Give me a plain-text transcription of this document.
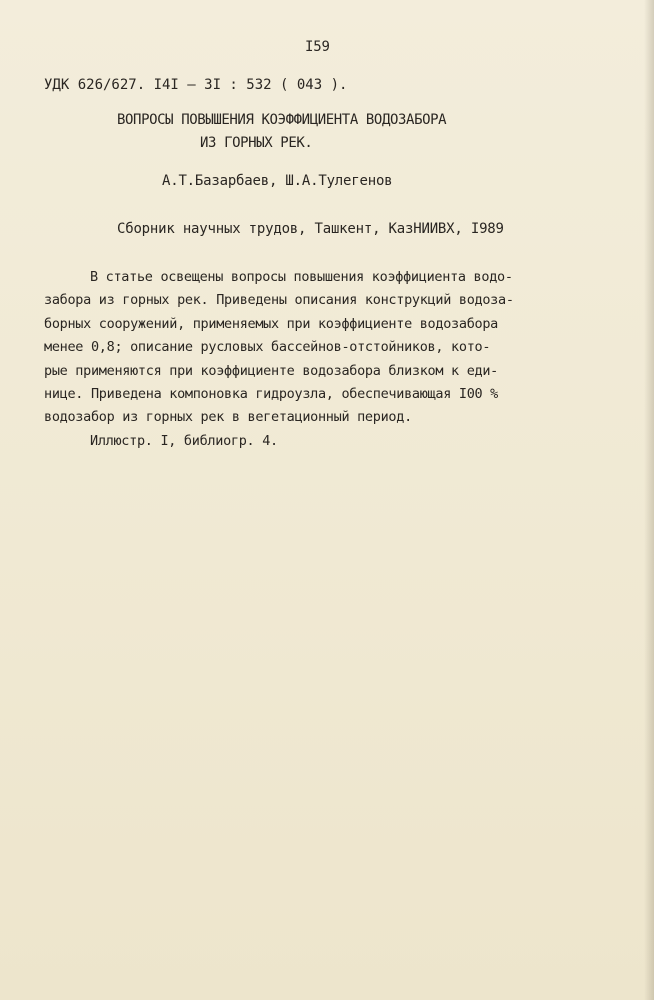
I59
УДК 626/627. I4I – 3I : 532 ( 043 ).
ВОПРОСЫ ПОВЫШЕНИЯ КОЭФФИЦИЕНТА ВОДОЗАБОРА
ИЗ ГОРНЫХ РЕК.
А.Т.Базарбаев, Ш.А.Тулегенов
Сборник научных трудов, Ташкент, КазНИИВХ, I989
В статье освещены вопросы повышения коэффициента водо-
забора из горных рек. Приведены описания конструкций водоза-
борных сооружений, применяемых при коэффициенте водозабора
менее 0,8; описание русловых бассейнов-отстойников, кото-
рые применяются при коэффициенте водозабора близком к еди-
нице. Приведена компоновка гидроузла, обеспечивающая I00 %
водозабор из горных рек в вегетационный период.
Иллюстр. I, библиогр. 4.
